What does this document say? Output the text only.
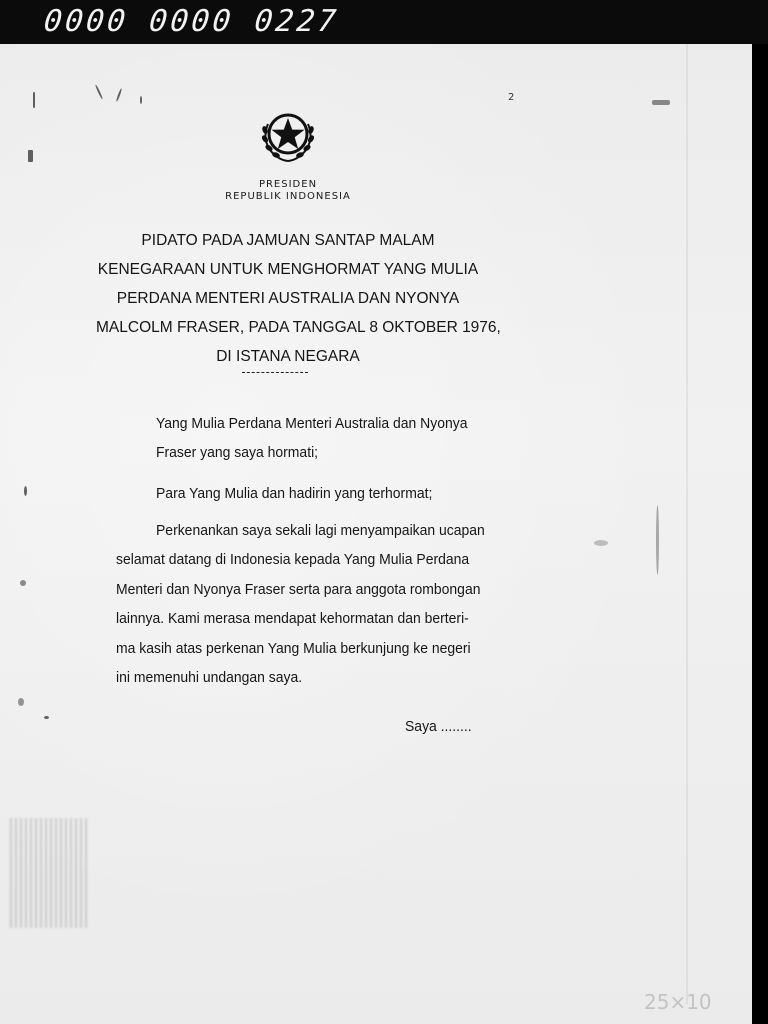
0000 0000 0227
2
PRESIDEN
REPUBLIK INDONESIA
PIDATO PADA JAMUAN SANTAP MALAM
KENEGARAAN UNTUK MENGHORMAT YANG MULIA
PERDANA MENTERI AUSTRALIA DAN NYONYA
MALCOLM FRASER, PADA TANGGAL 8 OKTOBER 1976,
DI ISTANA NEGARA
Yang Mulia Perdana Menteri Australia dan Nyonya
Fraser yang saya hormati;
Para Yang Mulia dan hadirin yang terhormat;
Perkenankan saya sekali lagi menyampaikan ucapan
selamat datang di Indonesia kepada Yang Mulia Perdana
Menteri dan Nyonya Fraser serta para anggota rombongan
lainnya. Kami merasa mendapat kehormatan dan berteri-
ma kasih atas perkenan Yang Mulia berkunjung ke negeri
ini memenuhi undangan saya.
Saya ........
25×10
